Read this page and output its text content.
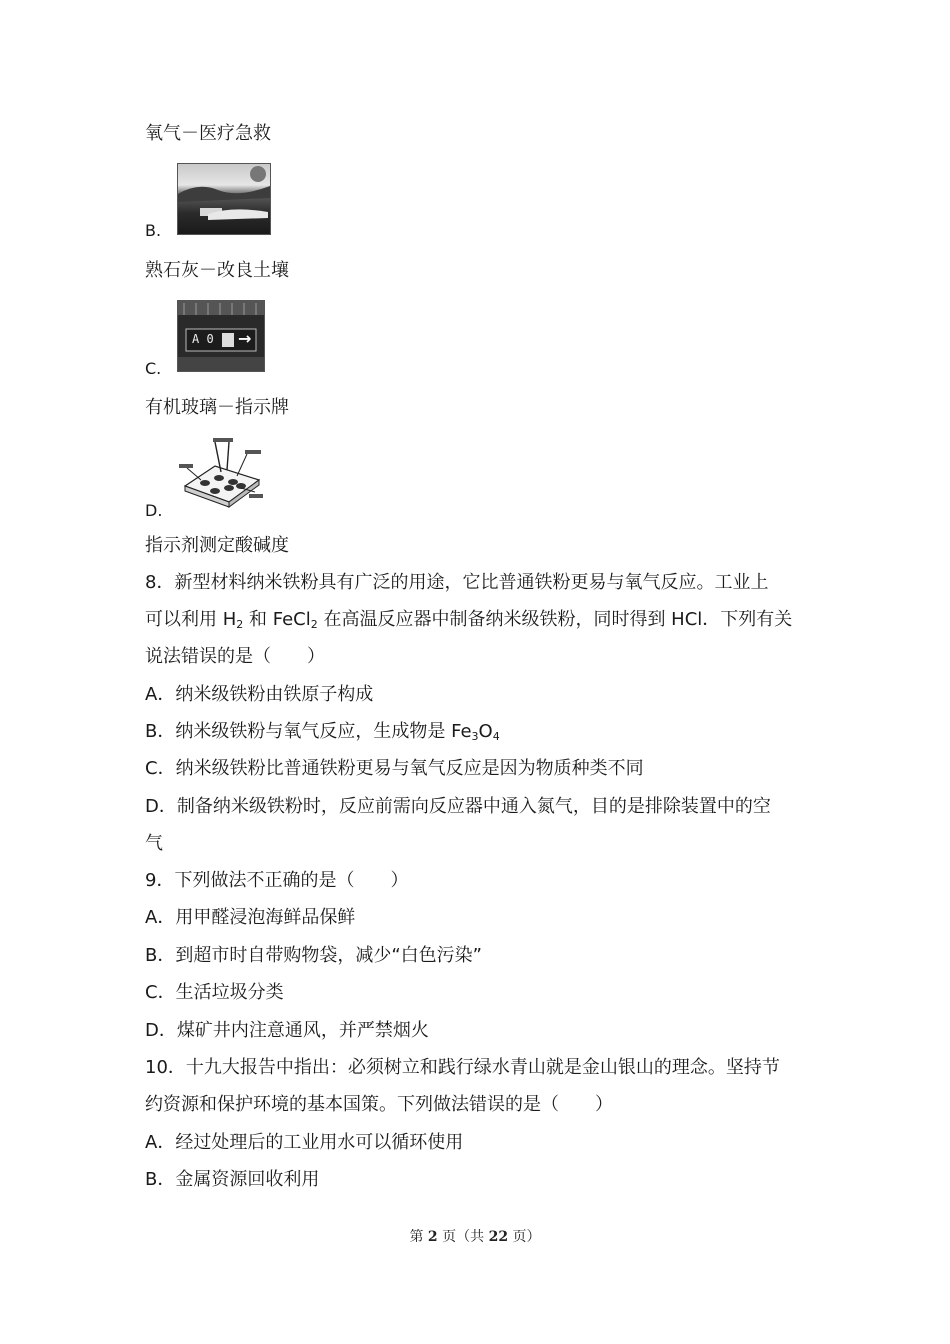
氧气－医疗急救
B.
熟石灰－改良土壤
A 0 →
C.
有机玻璃－指示牌
D.
指示剂测定酸碱度
8．新型材料纳米铁粉具有广泛的用途，它比普通铁粉更易与氧气反应。工业上
可以利用 $H_2$ 和 FeCl$_2$ 在高温反应器中制备纳米级铁粉，同时得到 HCl．下列有关
说法错误的是（　　）
A．纳米级铁粉由铁原子构成
B．纳米级铁粉与氧气反应，生成物是 $Fe_3O_4$
C．纳米级铁粉比普通铁粉更易与氧气反应是因为物质种类不同
D．制备纳米级铁粉时，反应前需向反应器中通入氮气，目的是排除装置中的空
气
9．下列做法不正确的是（　　）
A．用甲醛浸泡海鲜品保鲜
B．到超市时自带购物袋，减少“白色污染”
C．生活垃圾分类
D．煤矿井内注意通风，并严禁烟火
10．十九大报告中指出：必须树立和践行绿水青山就是金山银山的理念。坚持节
约资源和保护环境的基本国策。下列做法错误的是（　　）
A．经过处理后的工业用水可以循环使用
B．金属资源回收利用
第 2 页（共 22 页）
